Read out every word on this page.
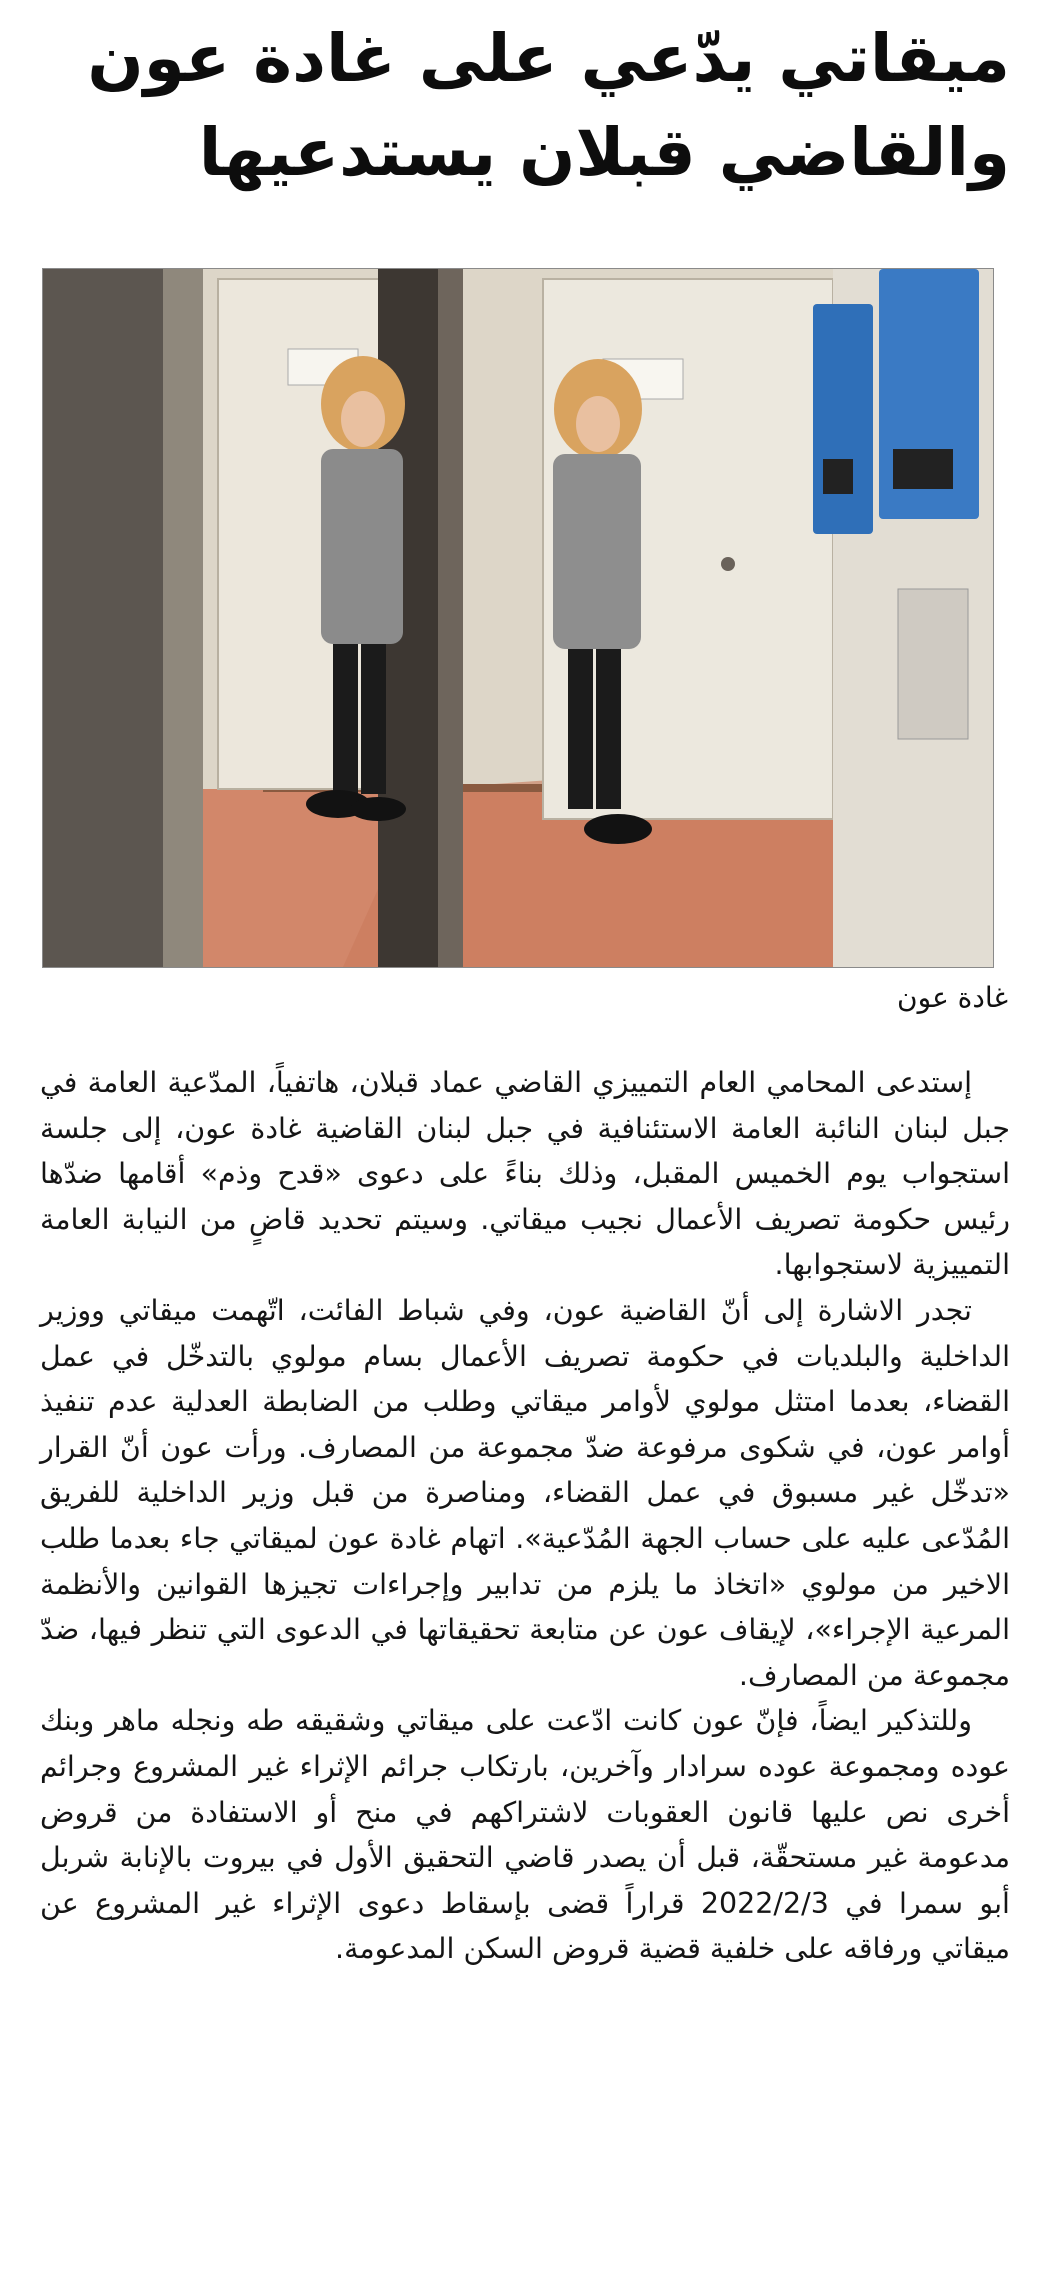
ميقاتي يدّعي على غادة عون
والقاضي قبلان يستدعيها
غادة عون

إستدعى المحامي العام التمييزي القاضي عماد قبلان، هاتفياً، المدّعية العامة في جبل لبنان النائبة العامة الاستئنافية في جبل لبنان القاضية غادة عون، إلى جلسة استجواب يوم الخميس المقبل، وذلك بناءً على دعوى «قدح وذم» أقامها ضدّها رئيس حكومة تصريف الأعمال نجيب ميقاتي. وسيتم تحديد قاضٍ من النيابة العامة التمييزية لاستجوابها.

تجدر الاشارة إلى أنّ القاضية عون، وفي شباط الفائت، اتّهمت ميقاتي ووزير الداخلية والبلديات في حكومة تصريف الأعمال بسام مولوي بالتدخّل في عمل القضاء، بعدما امتثل مولوي لأوامر ميقاتي وطلب من الضابطة العدلية عدم تنفيذ أوامر عون، في شكوى مرفوعة ضدّ مجموعة من المصارف. ورأت عون أنّ القرار «تدخّل غير مسبوق في عمل القضاء، ومناصرة من قبل وزير الداخلية للفريق المُدّعى عليه على حساب الجهة المُدّعية». اتهام غادة عون لميقاتي جاء بعدما طلب الاخير من مولوي «اتخاذ ما يلزم من تدابير وإجراءات تجيزها القوانين والأنظمة المرعية الإجراء»، لإيقاف عون عن متابعة تحقيقاتها في الدعوى التي تنظر فيها، ضدّ مجموعة من المصارف.

وللتذكير ايضاً، فإنّ عون كانت ادّعت على ميقاتي وشقيقه طه ونجله ماهر وبنك عوده ومجموعة عوده سرادار وآخرين، بارتكاب جرائم الإثراء غير المشروع وجرائم أخرى نص عليها قانون العقوبات لاشتراكهم في منح أو الاستفادة من قروض مدعومة غير مستحقّة، قبل أن يصدر قاضي التحقيق الأول في بيروت بالإنابة شربل أبو سمرا في 2022/2/3 قراراً قضى بإسقاط دعوى الإثراء غير المشروع عن ميقاتي ورفاقه على خلفية قضية قروض السكن المدعومة.
